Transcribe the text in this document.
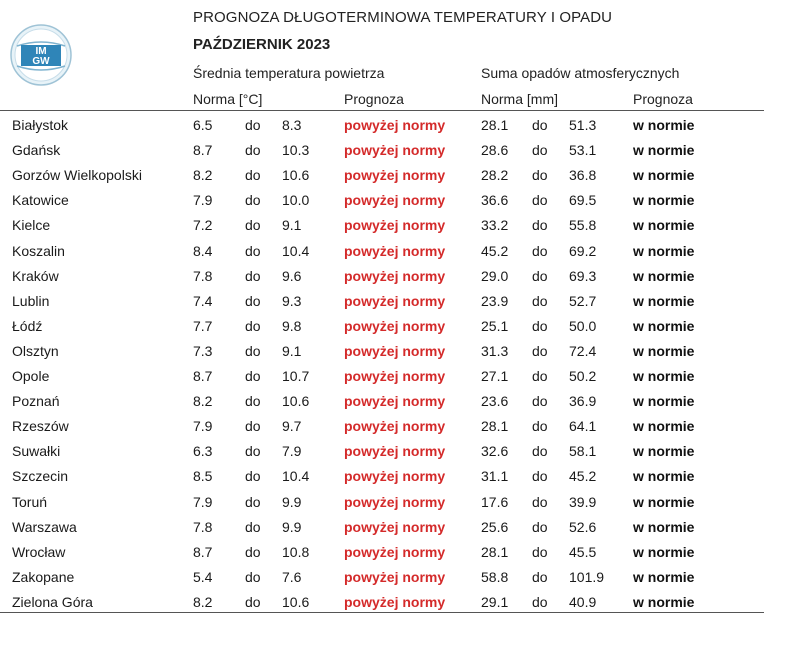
IM
GW
PROGNOZA DŁUGOTERMINOWA TEMPERATURY I OPADU
PAŹDZIERNIK 2023
Średnia temperatura powietrza	Suma opadów atmosferycznych
Norma [°C]	Prognoza	Norma [mm]	Prognoza
Białystok	6.5 do 8.3	powyżej normy	28.1 do 51.3	w normie
Gdańsk	8.7 do 10.3 powyżej normy	28.6 do 53.1	w normie
Gorzów Wielkopolski	8.2 do 10.6 powyżej normy	28.2 do 36.8	w normie
Katowice	7.9 do 10.0 powyżej normy	36.6 do 69.5	w normie
Kielce	7.2 do 9.1	powyżej normy	33.2 do 55.8	w normie
Koszalin	8.4 do 10.4 powyżej normy	45.2 do 69.2	w normie
Kraków	7.8 do 9.6	powyżej normy	29.0 do 69.3	w normie
Lublin	7.4 do 9.3	powyżej normy	23.9 do 52.7	w normie
Łódź	7.7 do 9.8	powyżej normy	25.1 do 50.0	w normie
Olsztyn	7.3 do 9.1	powyżej normy	31.3 do 72.4	w normie
Opole	8.7 do 10.7 powyżej normy	27.1 do 50.2	w normie
Poznań	8.2 do 10.6 powyżej normy	23.6 do 36.9	w normie
Rzeszów	7.9 do 9.7	powyżej normy	28.1 do 64.1	w normie
Suwałki	6.3 do 7.9	powyżej normy	32.6 do 58.1	w normie
Szczecin	8.5 do 10.4 powyżej normy	31.1 do 45.2	w normie
Toruń	7.9 do 9.9	powyżej normy	17.6 do 39.9	w normie
Warszawa	7.8 do 9.9	powyżej normy	25.6 do 52.6	w normie
Wrocław	8.7 do 10.8 powyżej normy	28.1 do 45.5	w normie
Zakopane	5.4 do 7.6	powyżej normy	58.8 do 101.9 w normie
Zielona Góra	8.2 do 10.6 powyżej normy	29.1 do 40.9	w normie
